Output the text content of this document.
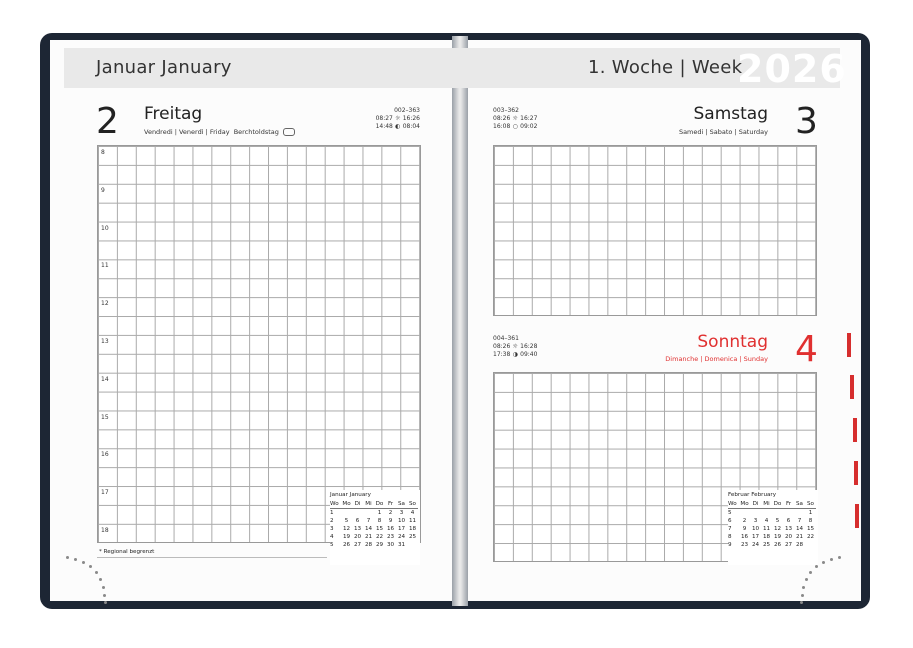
Januar January	1. Woche | Week
2026
2 Freitag
Vendredi | Venerdì | Friday Berchtoldstag
002–363
08:27 ☼ 16:26
14:48 ◐ 08:04
8
9
10
11
12
13
14
15
16
17
18
Januar January
Wo	Mo	Di	Mi	Do	Fr	Sa	So
1				1	2	3	4
2	5	6	7	8	9	10	11
3	12	13	14	15	16	17	18
4	19	20	21	22	23	24	25
5	26	27	28	29	30	31	
* Regional begrenzt
003–362
08:26 ☼ 16:27
16:08 ○ 09:02
Samstag
Samedi | Sabato | Saturday 3
004–361
08:26 ☼ 16:28
17:38 ◑ 09:40
Sonntag
Dimanche | Domenica | Sunday 4
Februar February
Wo	Mo	Di	Mi	Do	Fr	Sa	So
5							1
6	2	3	4	5	6	7	8
7	9	10	11	12	13	14	15
8	16	17	18	19	20	21	22
9	23	24	25	26	27	28	
